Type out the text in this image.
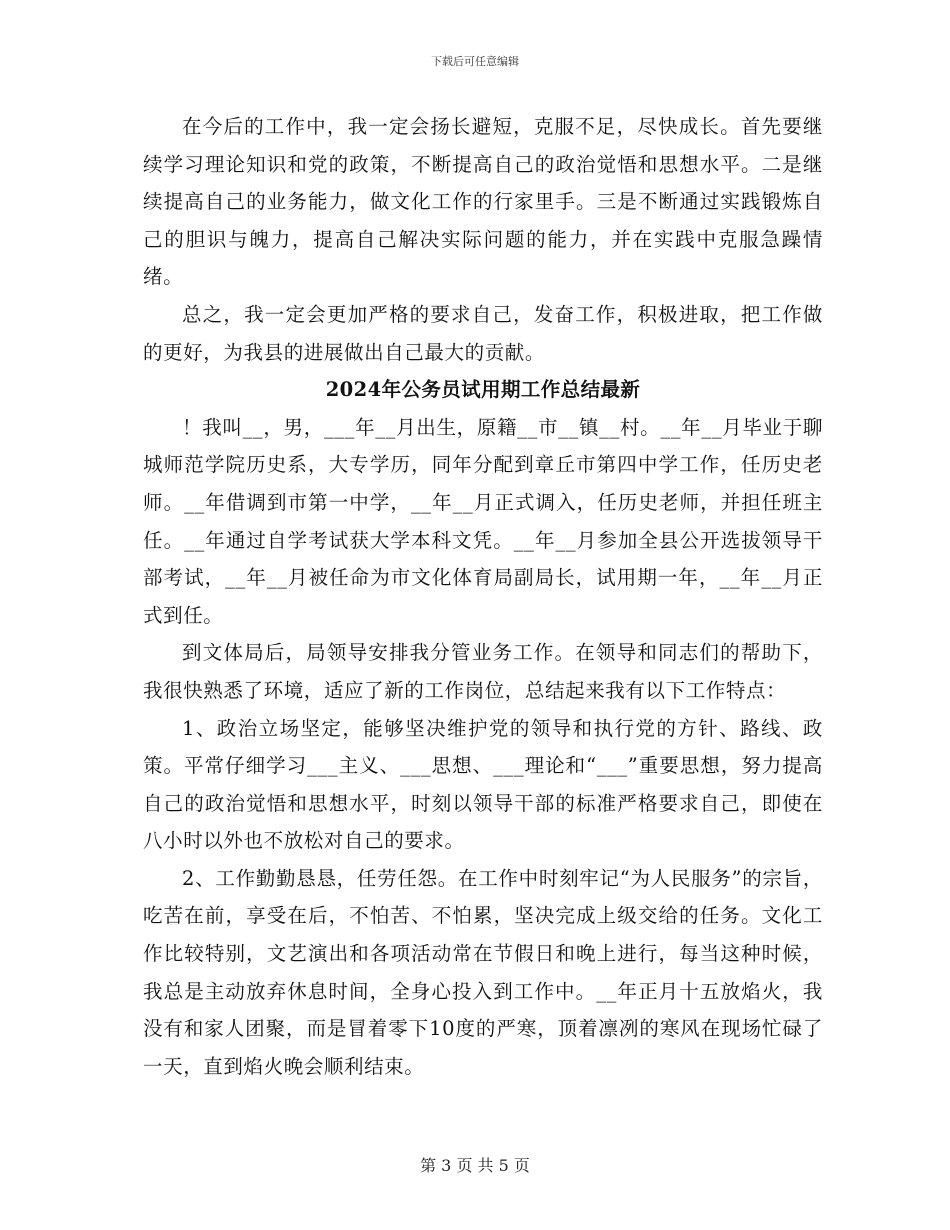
下载后可任意编辑

在今后的工作中，我一定会扬长避短，克服不足，尽快成长。首先要继续学习理论知识和党的政策，不断提高自己的政治觉悟和思想水平。二是继续提高自己的业务能力，做文化工作的行家里手。三是不断通过实践锻炼自己的胆识与魄力，提高自己解决实际问题的能力，并在实践中克服急躁情绪。

总之，我一定会更加严格的要求自己，发奋工作，积极进取，把工作做的更好，为我县的进展做出自己最大的贡献。

2024年公务员试用期工作总结最新

！我叫__，男，___年__月出生，原籍__市__镇__村。__年__月毕业于聊城师范学院历史系，大专学历，同年分配到章丘市第四中学工作，任历史老师。__年借调到市第一中学，__年__月正式调入，任历史老师，并担任班主任。__年通过自学考试获大学本科文凭。__年__月参加全县公开选拔领导干部考试，__年__月被任命为市文化体育局副局长，试用期一年，__年__月正式到任。

到文体局后，局领导安排我分管业务工作。在领导和同志们的帮助下，我很快熟悉了环境，适应了新的工作岗位，总结起来我有以下工作特点：

1、政治立场坚定，能够坚决维护党的领导和执行党的方针、路线、政策。平常仔细学习___主义、___思想、___理论和“___”重要思想，努力提高自己的政治觉悟和思想水平，时刻以领导干部的标准严格要求自己，即使在八小时以外也不放松对自己的要求。

2、工作勤勤恳恳，任劳任怨。在工作中时刻牢记“为人民服务”的宗旨，吃苦在前，享受在后，不怕苦、不怕累，坚决完成上级交给的任务。文化工作比较特别，文艺演出和各项活动常在节假日和晚上进行，每当这种时候，我总是主动放弃休息时间，全身心投入到工作中。__年正月十五放焰火，我没有和家人团聚，而是冒着零下10度的严寒，顶着凛冽的寒风在现场忙碌了一天，直到焰火晚会顺利结束。

第 3 页 共 5 页
